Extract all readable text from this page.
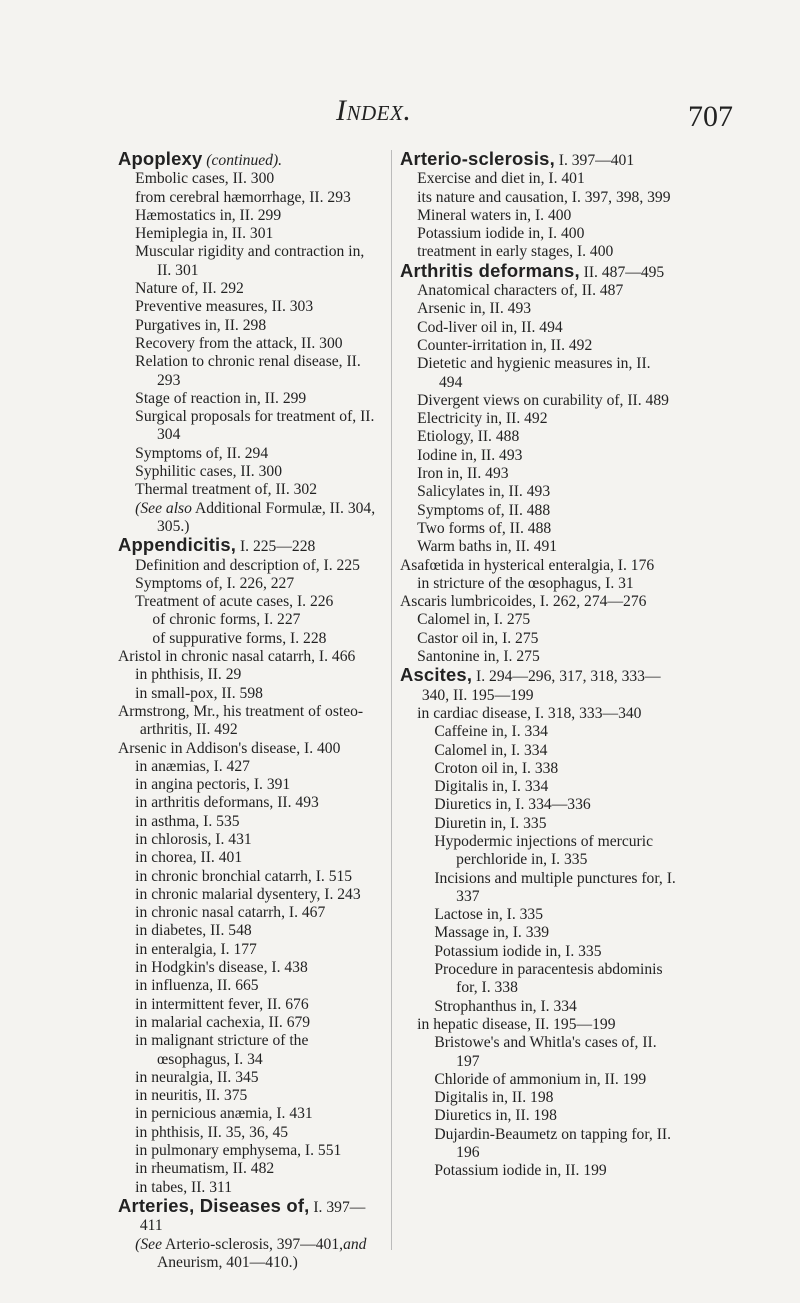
Index.	707

Apoplexy (continued).

Embolic cases, II. 300

from cerebral hæmorrhage, II. 293

Hæmostatics in, II. 299

Hemiplegia in, II. 301

Muscular rigidity and contraction in, II. 301

Nature of, II. 292

Preventive measures, II. 303

Purgatives in, II. 298

Recovery from the attack, II. 300

Relation to chronic renal disease, II. 293

Stage of reaction in, II. 299

Surgical proposals for treatment of, II. 304

Symptoms of, II. 294

Syphilitic cases, II. 300

Thermal treatment of, II. 302

(See also Additional Formulæ, II. 304, 305.)

Appendicitis, I. 225—228

Definition and description of, I. 225

Symptoms of, I. 226, 227

Treatment of acute cases, I. 226

of chronic forms, I. 227

of suppurative forms, I. 228

Aristol in chronic nasal catarrh, I. 466

in phthisis, II. 29

in small-pox, II. 598

Armstrong, Mr., his treatment of osteo-arthritis, II. 492

Arsenic in Addison's disease, I. 400

in anæmias, I. 427

in angina pectoris, I. 391

in arthritis deformans, II. 493

in asthma, I. 535

in chlorosis, I. 431

in chorea, II. 401

in chronic bronchial catarrh, I. 515

in chronic malarial dysentery, I. 243

in chronic nasal catarrh, I. 467

in diabetes, II. 548

in enteralgia, I. 177

in Hodgkin's disease, I. 438

in influenza, II. 665

in intermittent fever, II. 676

in malarial cachexia, II. 679

in malignant stricture of the œsophagus, I. 34

in neuralgia, II. 345

in neuritis, II. 375

in pernicious anæmia, I. 431

in phthisis, II. 35, 36, 45

in pulmonary emphysema, I. 551

in rheumatism, II. 482

in tabes, II. 311

Arteries, Diseases of, I. 397—411

(See Arterio-sclerosis, 397—401,and Aneurism, 401—410.)

Arterio-sclerosis, I. 397—401

Exercise and diet in, I. 401

its nature and causation, I. 397, 398, 399

Mineral waters in, I. 400

Potassium iodide in, I. 400

treatment in early stages, I. 400

Arthritis deformans, II. 487—495

Anatomical characters of, II. 487

Arsenic in, II. 493

Cod-liver oil in, II. 494

Counter-irritation in, II. 492

Dietetic and hygienic measures in, II. 494

Divergent views on curability of, II. 489

Electricity in, II. 492

Etiology, II. 488

Iodine in, II. 493

Iron in, II. 493

Salicylates in, II. 493

Symptoms of, II. 488

Two forms of, II. 488

Warm baths in, II. 491

Asafœtida in hysterical enteralgia, I. 176

in stricture of the œsophagus, I. 31

Ascaris lumbricoides, I. 262, 274—276

Calomel in, I. 275

Castor oil in, I. 275

Santonine in, I. 275

Ascites, I. 294—296, 317, 318, 333—340, II. 195—199

in cardiac disease, I. 318, 333—340

Caffeine in, I. 334

Calomel in, I. 334

Croton oil in, I. 338

Digitalis in, I. 334

Diuretics in, I. 334—336

Diuretin in, I. 335

Hypodermic injections of mercuric perchloride in, I. 335

Incisions and multiple punctures for, I. 337

Lactose in, I. 335

Massage in, I. 339

Potassium iodide in, I. 335

Procedure in paracentesis abdominis for, I. 338

Strophanthus in, I. 334

in hepatic disease, II. 195—199

Bristowe's and Whitla's cases of, II. 197

Chloride of ammonium in, II. 199

Digitalis in, II. 198

Diuretics in, II. 198

Dujardin-Beaumetz on tapping for, II. 196

Potassium iodide in, II. 199
